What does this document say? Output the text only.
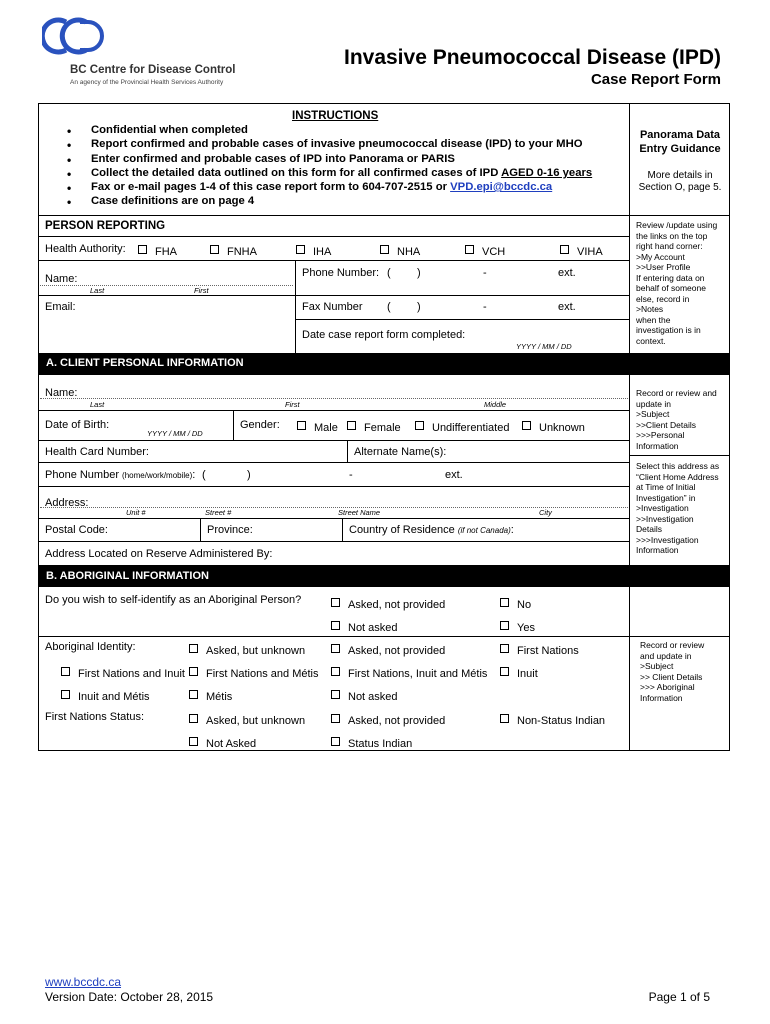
BC Centre for Disease Control
An agency of the Provincial Health Services Authority
Invasive Pneumococcal Disease (IPD)
Case Report Form
INSTRUCTIONS
• Confidential when completed
• Report confirmed and probable cases of invasive pneumococcal disease (IPD) to your MHO
• Enter confirmed and probable cases of IPD into Panorama or PARIS
• Collect the detailed data outlined on this form for all confirmed cases of IPD AGED 0-16 years
• Fax or e-mail pages 1-4 of this case report form to 604-707-2515 or VPD.epi@bccdc.ca
• Case definitions are on page 4
Panorama Data Entry Guidance
More details in Section O, page 5.
PERSON REPORTING
Health Authority:	FHA	FNHA	IHA	NHA	VCH	VIHA
Name:
Last	First
Phone Number: ( )	-	ext.
Email:	Fax Number ( )	-	ext.
Date case report form completed:
YYYY / MM / DD
Review /update using
the links on the top
right hand corner:
>My Account
>>User Profile
If entering data on
behalf of someone
else, record in
>Notes
when the
investigation is in
context.
A. CLIENT PERSONAL INFORMATION
Name:
Last	First	Middle
Date of Birth:
YYYY / MM / DD
Gender:	Male	Female	Undifferentiated	Unknown
Health Card Number:	Alternate Name(s):
Phone Number (home/work/mobile): (	)	-	ext.
Address:
Unit #	Street #	Street Name	City
Postal Code:	Province:	Country of Residence (if not Canada):
Address Located on Reserve Administered By:
Record or review and
update in
>Subject
>>Client Details
>>>Personal
Information
Select this address as
“Client Home Address
at Time of Initial
Investigation” in
>Investigation
>>Investigation
Details
>>>Investigation
Information
B. ABORIGINAL INFORMATION
Do you wish to self-identify as an Aboriginal Person?	Asked, not provided	No
Not asked	Yes
Aboriginal Identity:	Asked, but unknown	Asked, not provided	First Nations
First Nations and Inuit	First Nations and Métis	First Nations, Inuit and Métis	Inuit
Inuit and Métis	Métis	Not asked
First Nations Status:	Asked, but unknown	Asked, not provided	Non-Status Indian
Not Asked	Status Indian
Record or review
and update in
>Subject
>> Client Details
>>> Aboriginal
Information
www.bccdc.ca
Version Date: October 28, 2015	Page 1 of 5
